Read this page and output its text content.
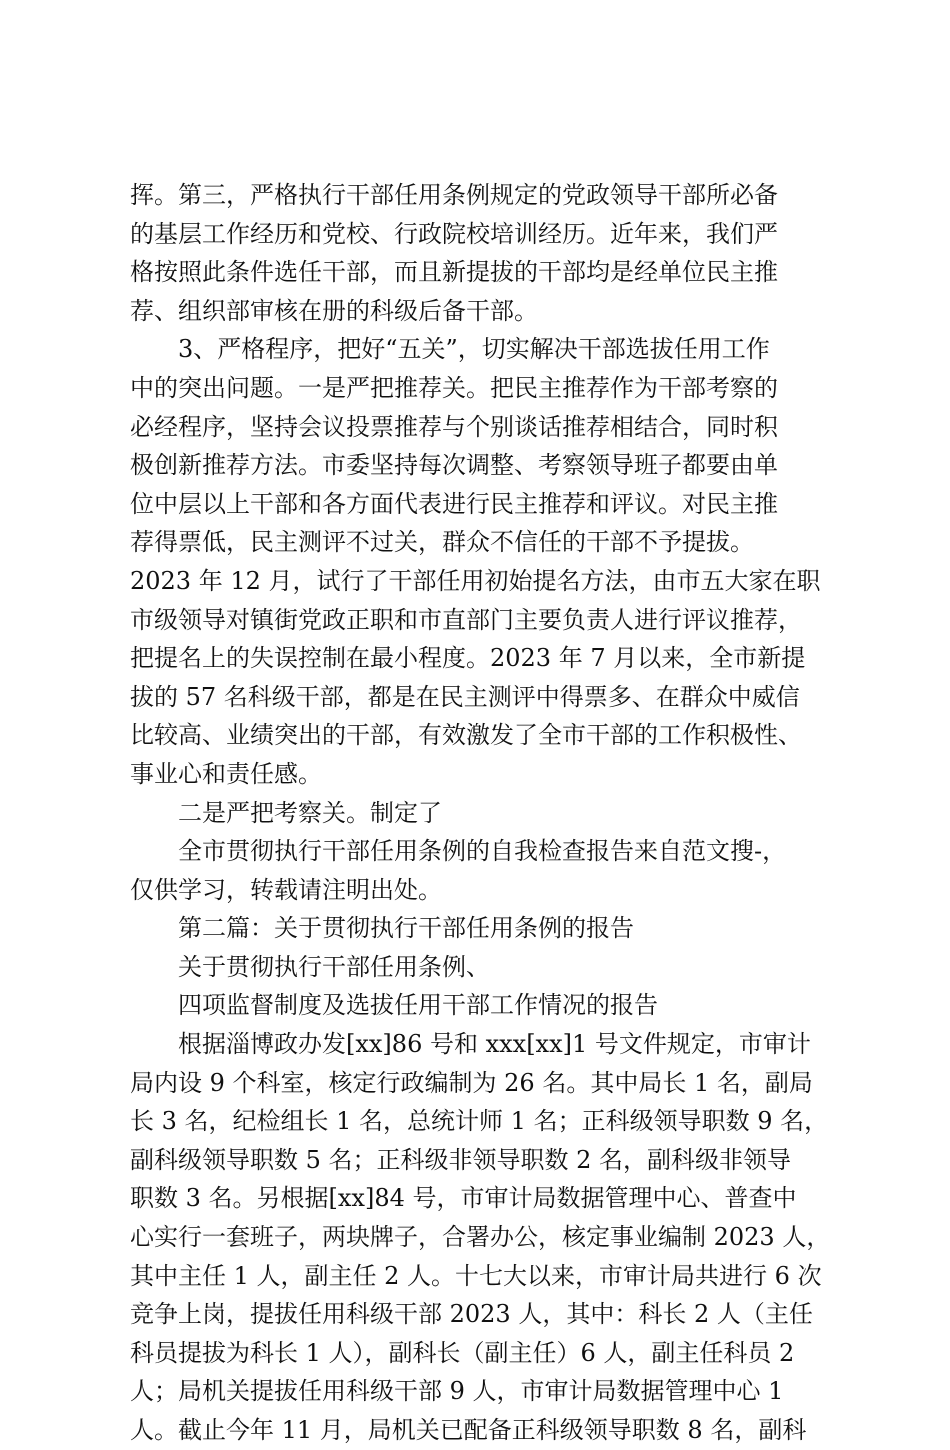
挥。第三，严格执行干部任用条例规定的党政领导干部所必备
的基层工作经历和党校、行政院校培训经历。近年来，我们严
格按照此条件选任干部，而且新提拔的干部均是经单位民主推
荐、组织部审核在册的科级后备干部。
3、严格程序，把好“五关”，切实解决干部选拔任用工作
中的突出问题。一是严把推荐关。把民主推荐作为干部考察的
必经程序，坚持会议投票推荐与个别谈话推荐相结合，同时积
极创新推荐方法。市委坚持每次调整、考察领导班子都要由单
位中层以上干部和各方面代表进行民主推荐和评议。对民主推
荐得票低，民主测评不过关，群众不信任的干部不予提拔。
2023 年 12 月，试行了干部任用初始提名方法，由市五大家在职
市级领导对镇街党政正职和市直部门主要负责人进行评议推荐，
把提名上的失误控制在最小程度。2023 年 7 月以来，全市新提
拔的 57 名科级干部，都是在民主测评中得票多、在群众中威信
比较高、业绩突出的干部，有效激发了全市干部的工作积极性、
事业心和责任感。
二是严把考察关。制定了
全市贯彻执行干部任用条例的自我检查报告来自范文搜-，
仅供学习，转载请注明出处。
第二篇：关于贯彻执行干部任用条例的报告
关于贯彻执行干部任用条例、
四项监督制度及选拔任用干部工作情况的报告
根据淄博政办发[xx]86 号和 xxx[xx]1 号文件规定，市审计
局内设 9 个科室，核定行政编制为 26 名。其中局长 1 名，副局
长 3 名，纪检组长 1 名，总统计师 1 名；正科级领导职数 9 名，
副科级领导职数 5 名；正科级非领导职数 2 名，副科级非领导
职数 3 名。另根据[xx]84 号，市审计局数据管理中心、普查中
心实行一套班子，两块牌子，合署办公，核定事业编制 2023 人，
其中主任 1 人，副主任 2 人。十七大以来，市审计局共进行 6 次
竞争上岗，提拔任用科级干部 2023 人，其中：科长 2 人（主任
科员提拔为科长 1 人），副科长（副主任）6 人，副主任科员 2
人；局机关提拔任用科级干部 9 人，市审计局数据管理中心 1
人。截止今年 11 月，局机关已配备正科级领导职数 8 名，副科
